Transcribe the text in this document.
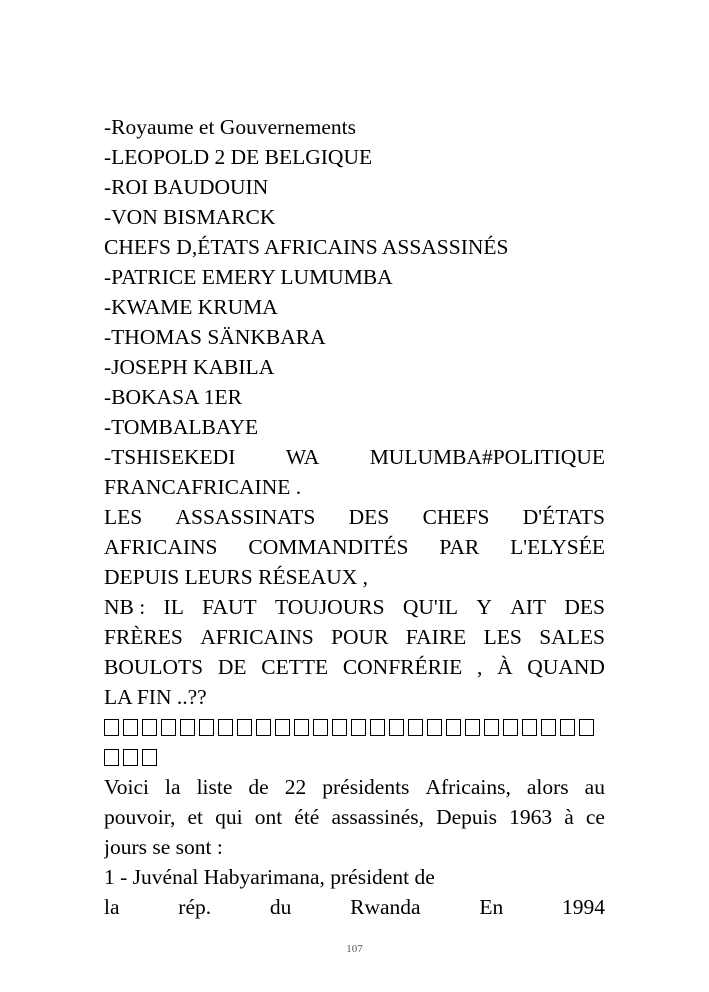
-Royaume et Gouvernements
-LEOPOLD 2 DE BELGIQUE
-ROI BAUDOUIN
-VON BISMARCK
CHEFS D,ÉTATS AFRICAINS ASSASSINÉS
-PATRICE EMERY LUMUMBA
-KWAME KRUMA
-THOMAS SÄNKBARA
-JOSEPH KABILA
-BOKASA 1ER
-TOMBALBAYE
-TSHISEKEDI WA MULUMBA#POLITIQUE
FRANCAFRICAINE .
LES ASSASSINATS DES CHEFS D'ÉTATS
AFRICAINS COMMANDITÉS PAR L'ELYSÉE
DEPUIS LEURS RÉSEAUX ,
NB : IL FAUT TOUJOURS QU'IL Y AIT DES
FRÈRES AFRICAINS POUR FAIRE LES SALES
BOULOTS DE CETTE CONFRÉRIE , À QUAND
LA FIN ..??
Voici la liste de 22 présidents Africains, alors au
pouvoir, et qui ont été assassinés, Depuis 1963 à ce
jours se sont :
1 - Juvénal Habyarimana, président de
la	rép.	du	Rwanda	En	1994
107
